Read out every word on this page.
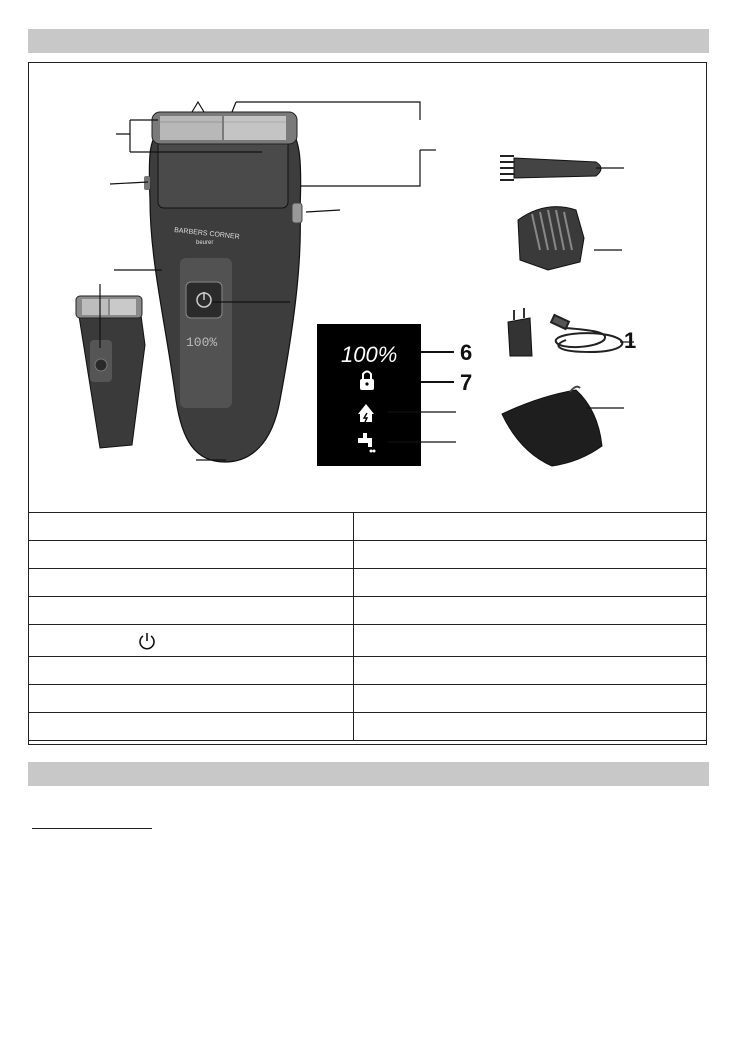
100%
BARBERS CORNER
beurer
100%	6
7
1
